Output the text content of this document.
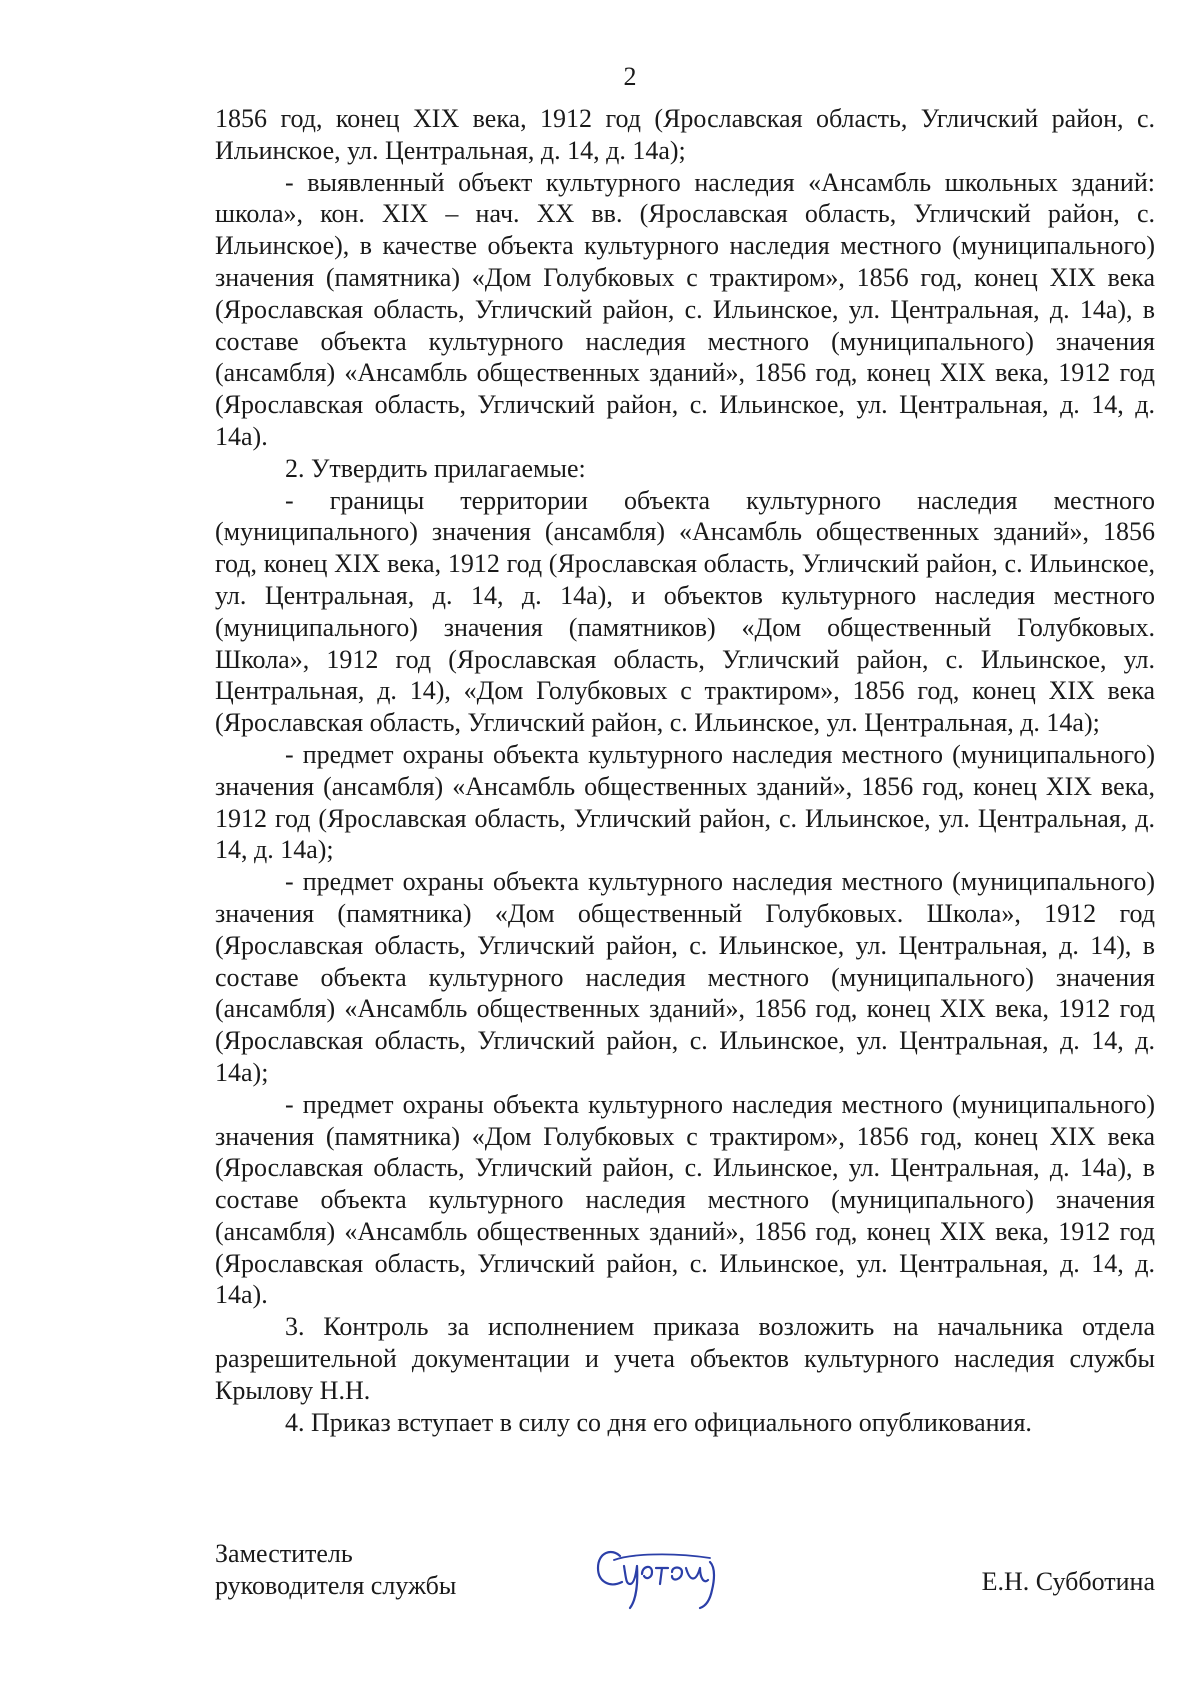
2

1856 год, конец XIX века, 1912 год (Ярославская область, Угличский район, с. Ильинское, ул. Центральная, д. 14, д. 14а);

- выявленный объект культурного наследия «Ансамбль школьных зданий: школа», кон. XIX – нач. XX вв. (Ярославская область, Угличский район, с. Ильинское), в качестве объекта культурного наследия местного (муниципального) значения (памятника) «Дом Голубковых с трактиром», 1856 год, конец XIX века (Ярославская область, Угличский район, с. Ильинское, ул. Центральная, д. 14а), в составе объекта культурного наследия местного (муниципального) значения (ансамбля) «Ансамбль общественных зданий», 1856 год, конец XIX века, 1912 год (Ярославская область, Угличский район, с. Ильинское, ул. Центральная, д. 14, д. 14а).

2. Утвердить прилагаемые:

- границы территории объекта культурного наследия местного (муниципального) значения (ансамбля) «Ансамбль общественных зданий», 1856 год, конец XIX века, 1912 год (Ярославская область, Угличский район, с. Ильинское, ул. Центральная, д. 14, д. 14а), и объектов культурного наследия местного (муниципального) значения (памятников) «Дом общественный Голубковых. Школа», 1912 год (Ярославская область, Угличский район, с. Ильинское, ул. Центральная, д. 14), «Дом Голубковых с трактиром», 1856 год, конец XIX века (Ярославская область, Угличский район, с. Ильинское, ул. Центральная, д. 14а);

- предмет охраны объекта культурного наследия местного (муниципального) значения (ансамбля) «Ансамбль общественных зданий», 1856 год, конец XIX века, 1912 год (Ярославская область, Угличский район, с. Ильинское, ул. Центральная, д. 14, д. 14а);

- предмет охраны объекта культурного наследия местного (муниципального) значения (памятника) «Дом общественный Голубковых. Школа», 1912 год (Ярославская область, Угличский район, с. Ильинское, ул. Центральная, д. 14), в составе объекта культурного наследия местного (муниципального) значения (ансамбля) «Ансамбль общественных зданий», 1856 год, конец XIX века, 1912 год (Ярославская область, Угличский район, с. Ильинское, ул. Центральная, д. 14, д. 14а);

- предмет охраны объекта культурного наследия местного (муниципального) значения (памятника) «Дом Голубковых с трактиром», 1856 год, конец XIX века (Ярославская область, Угличский район, с. Ильинское, ул. Центральная, д. 14а), в составе объекта культурного наследия местного (муниципального) значения (ансамбля) «Ансамбль общественных зданий», 1856 год, конец XIX века, 1912 год (Ярославская область, Угличский район, с. Ильинское, ул. Центральная, д. 14, д. 14а).

3. Контроль за исполнением приказа возложить на начальника отдела разрешительной документации и учета объектов культурного наследия службы Крылову Н.Н.

4. Приказ вступает в силу со дня его официального опубликования.

Заместитель
руководителя службы	Е.Н. Субботина
